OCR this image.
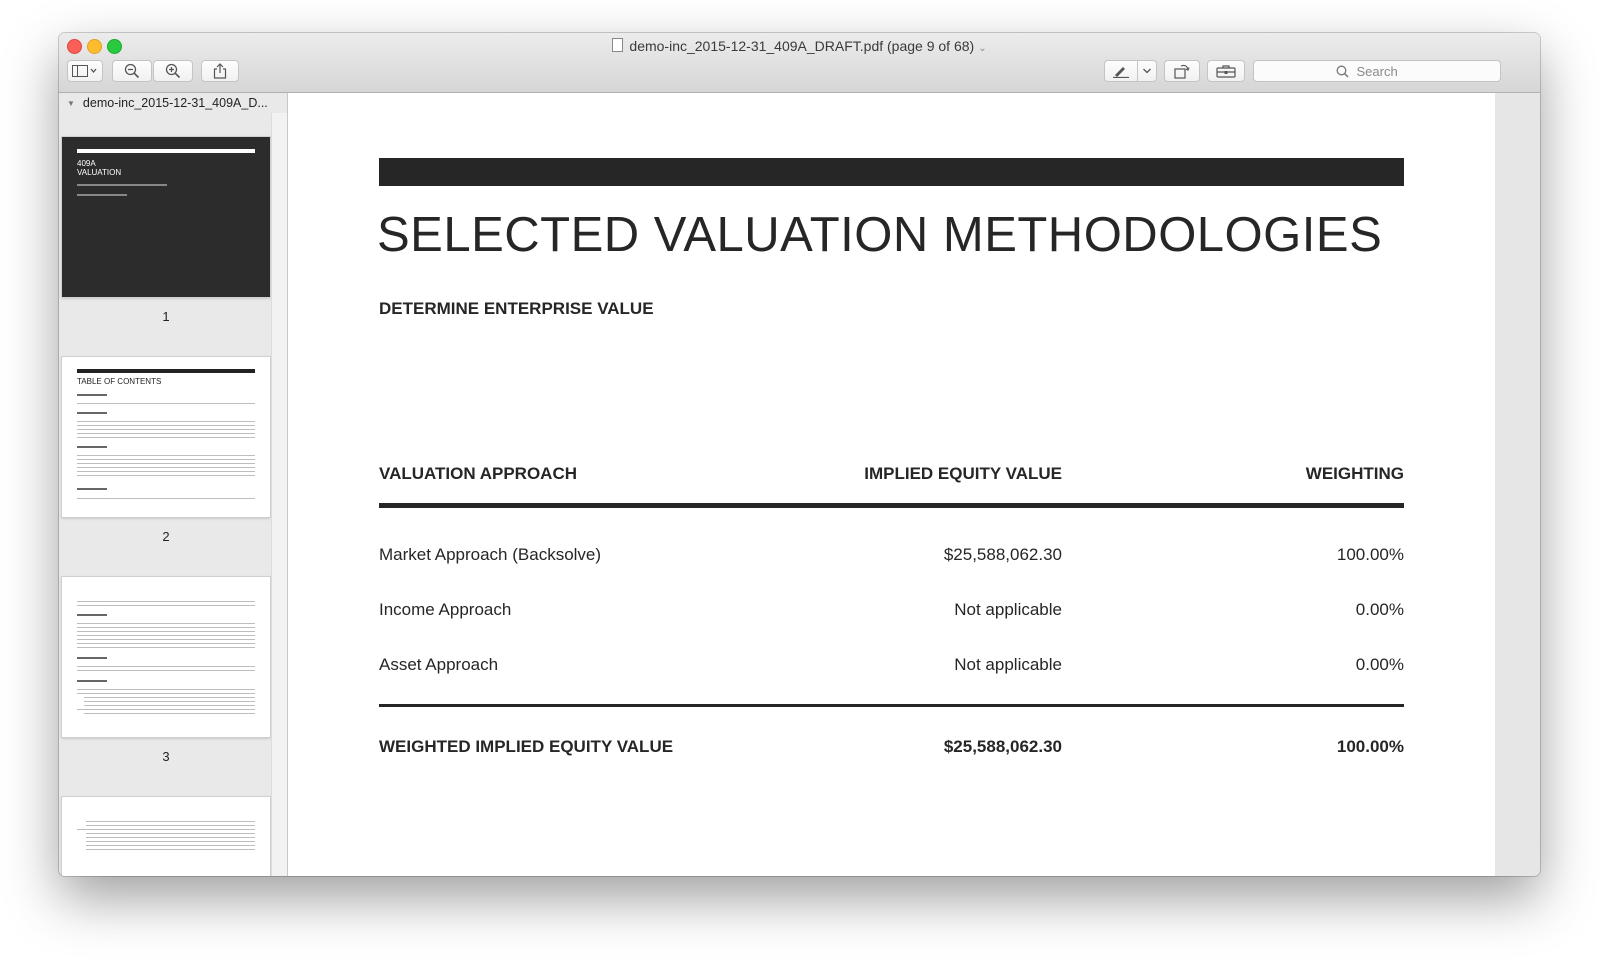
demo-inc_2015-12-31_409A_DRAFT.pdf (page 9 of 68) ⌄
Search
▼ demo-inc_2015-12-31_409A_D...
409A
VALUATION
1
TABLE OF CONTENTS
2
3
SELECTED VALUATION METHODOLOGIES
DETERMINE ENTERPRISE VALUE
VALUATION APPROACH	IMPLIED EQUITY VALUE	WEIGHTING
Market Approach (Backsolve)	$25,588,062.30	100.00%
Income Approach	Not applicable	0.00%
Asset Approach	Not applicable	0.00%
WEIGHTED IMPLIED EQUITY VALUE	$25,588,062.30	100.00%
